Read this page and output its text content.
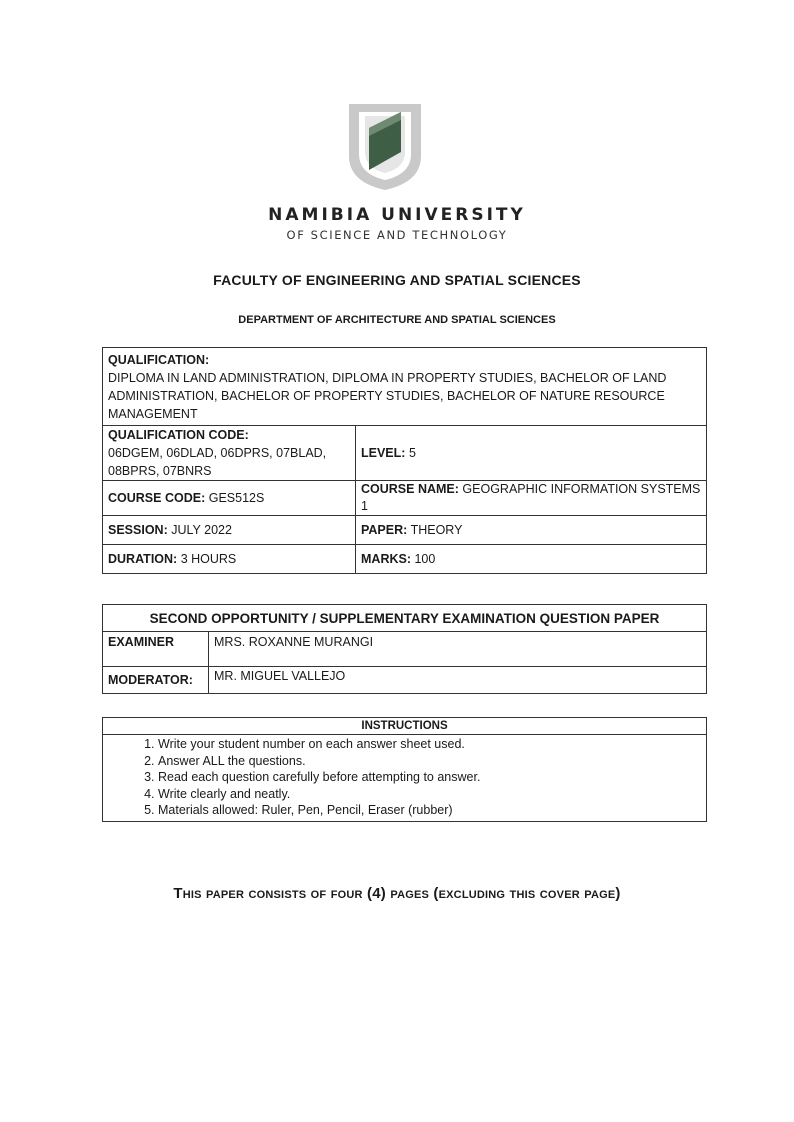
NAMIBIA UNIVERSITY
OF SCIENCE AND TECHNOLOGY
FACULTY OF ENGINEERING AND SPATIAL SCIENCES
DEPARTMENT OF ARCHITECTURE AND SPATIAL SCIENCES
QUALIFICATION:
DIPLOMA IN LAND ADMINISTRATION, DIPLOMA IN PROPERTY STUDIES, BACHELOR OF LAND ADMINISTRATION, BACHELOR OF PROPERTY STUDIES, BACHELOR OF NATURE RESOURCE MANAGEMENT	

QUALIFICATION CODE:
06DGEM, 06DLAD, 06DPRS, 07BLAD, 08BPRS, 07BNRS	LEVEL: 5
COURSE CODE: GES512S	COURSE NAME: GEOGRAPHIC INFORMATION SYSTEMS 1
SESSION: JULY 2022	PAPER: THEORY
DURATION: 3 HOURS	MARKS: 100
SECOND OPPORTUNITY / SUPPLEMENTARY EXAMINATION QUESTION PAPER	
EXAMINER	MRS. ROXANNE MURANGI
MODERATOR:	MR. MIGUEL VALLEJO
INSTRUCTIONS

1. Write your student number on each answer sheet used.
2. Answer ALL the questions.
3. Read each question carefully before attempting to answer.
4. Write clearly and neatly.
5. Materials allowed: Ruler, Pen, Pencil, Eraser (rubber)
This paper consists of four (4) pages (excluding this cover page)
